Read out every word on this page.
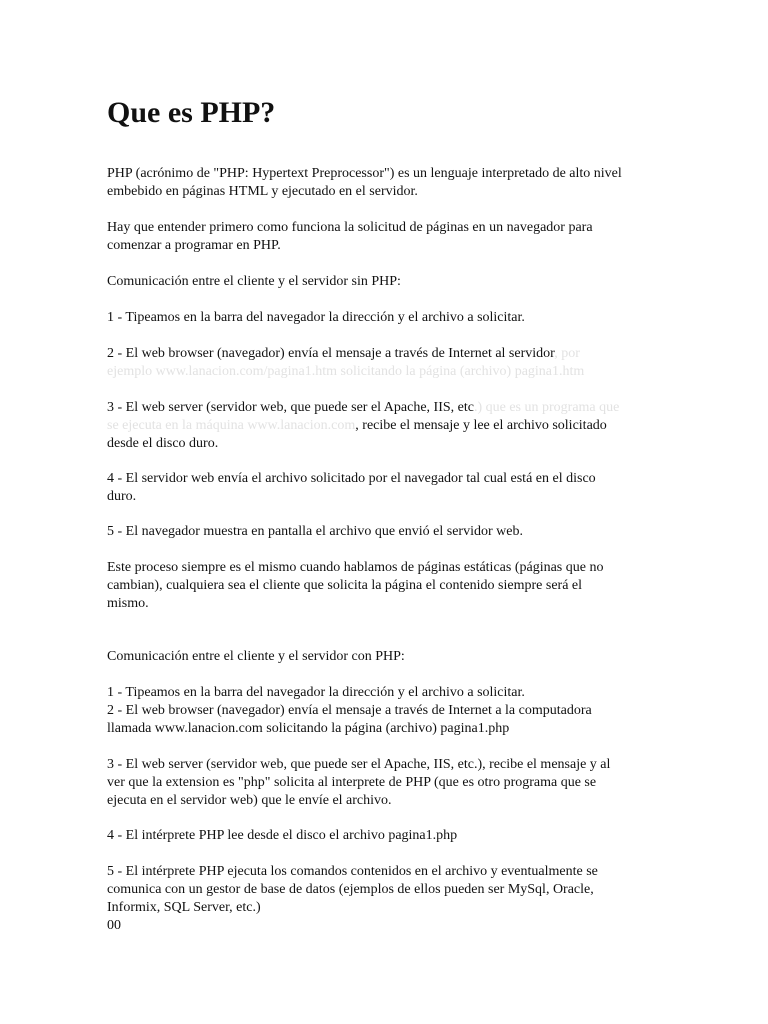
Que es PHP?
PHP (acrónimo de "PHP: Hypertext Preprocessor") es un lenguaje interpretado de alto nivel
embebido en páginas HTML y ejecutado en el servidor.
Hay que entender primero como funciona la solicitud de páginas en un navegador para
comenzar a programar en PHP.
Comunicación entre el cliente y el servidor sin PHP:
1 - Tipeamos en la barra del navegador la dirección y el archivo a solicitar.
2 - El web browser (navegador) envía el mensaje a través de Internet al servidor, por
ejemplo www.lanacion.com/pagina1.htm solicitando la página (archivo) pagina1.htm
3 - El web server (servidor web, que puede ser el Apache, IIS, etc.) que es un programa que
se ejecuta en la máquina www.lanacion.com, recibe el mensaje y lee el archivo solicitado
desde el disco duro.
4 - El servidor web envía el archivo solicitado por el navegador tal cual está en el disco
duro.
5 - El navegador muestra en pantalla el archivo que envió el servidor web.
Este proceso siempre es el mismo cuando hablamos de páginas estáticas (páginas que no
cambian), cualquiera sea el cliente que solicita la página el contenido siempre será el
mismo.
Comunicación entre el cliente y el servidor con PHP:
1 - Tipeamos en la barra del navegador la dirección y el archivo a solicitar.
2 - El web browser (navegador) envía el mensaje a través de Internet a la computadora
llamada www.lanacion.com solicitando la página (archivo) pagina1.php
3 - El web server (servidor web, que puede ser el Apache, IIS, etc.), recibe el mensaje y al
ver que la extension es "php" solicita al interprete de PHP (que es otro programa que se
ejecuta en el servidor web) que le envíe el archivo.
4 - El intérprete PHP lee desde el disco el archivo pagina1.php
5 - El intérprete PHP ejecuta los comandos contenidos en el archivo y eventualmente se
comunica con un gestor de base de datos (ejemplos de ellos pueden ser MySql, Oracle,
Informix, SQL Server, etc.)
00
